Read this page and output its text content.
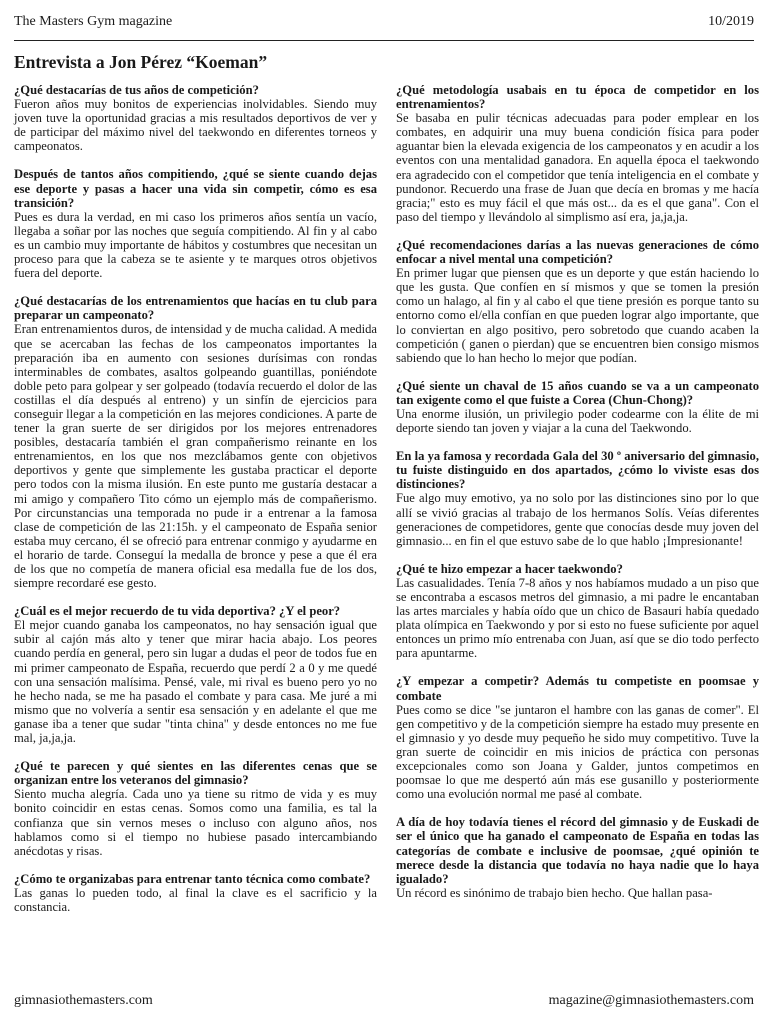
The Masters Gym magazine	10/2019
Entrevista a Jon Pérez “Koeman”

¿Qué destacarías de tus años de competición?

Fueron años muy bonitos de experiencias inolvidables. Siendo muy joven tuve la oportunidad gracias a mis resultados deportivos de ver y de participar del máximo nivel del taekwondo en diferentes torneos y campeonatos.

Después de tantos años compitiendo, ¿qué se siente cuando dejas ese deporte y pasas a hacer una vida sin competir, cómo es esa transición?

Pues es dura la verdad, en mi caso los primeros años sentía un vacío, llegaba a soñar por las noches que seguía compitiendo. Al fin y al cabo es un cambio muy importante de hábitos y costumbres que necesitan un proceso para que la cabeza se te asiente y te marques otros objetivos fuera del deporte.

¿Qué destacarías de los entrenamientos que hacías en tu club para preparar un campeonato?

Eran entrenamientos duros, de intensidad y de mucha calidad. A medida que se acercaban las fechas de los campeonatos importantes la preparación iba en aumento con sesiones durísimas con rondas interminables de combates, asaltos golpeando guantillas, poniéndote doble peto para golpear y ser golpeado (todavía recuerdo el dolor de las costillas el día después al entreno) y un sinfín de ejercicios para conseguir llegar a la competición en las mejores condiciones. A parte de tener la gran suerte de ser dirigidos por los mejores entrenadores posibles, destacaría también el gran compañerismo reinante en los entrenamientos, en los que nos mezclábamos gente con objetivos deportivos y gente que simplemente les gustaba practicar el deporte pero todos con la misma ilusión. En este punto me gustaría destacar a mi amigo y compañero Tito cómo un ejemplo más de compañerismo. Por circunstancias una temporada no pude ir a entrenar a la famosa clase de competición de las 21:15h. y el campeonato de España senior estaba muy cercano, él se ofreció para entrenar conmigo y ayudarme en el horario de tarde. Conseguí la medalla de bronce y pese a que él era de los que no competía de manera oficial esa medalla fue de los dos, siempre recordaré ese gesto.

¿Cuál es el mejor recuerdo de tu vida deportiva? ¿Y el peor?

El mejor cuando ganaba los campeonatos, no hay sensación igual que subir al cajón más alto y tener que mirar hacia abajo. Los peores cuando perdía en general, pero sin lugar a dudas el peor de todos fue en mi primer campeonato de España, recuerdo que perdí 2 a 0 y me quedé con una sensación malísima. Pensé, vale, mi rival es bueno pero yo no he hecho nada, se me ha pasado el combate y para casa. Me juré a mi mismo que no volvería a sentir esa sensación y en adelante el que me ganase iba a tener que sudar "tinta china" y desde entonces no me fue mal, ja,ja,ja.

¿Qué te parecen y qué sientes en las diferentes cenas que se organizan entre los veteranos del gimnasio?

Siento mucha alegría. Cada uno ya tiene su ritmo de vida y es muy bonito coincidir en estas cenas. Somos como una familia, es tal la confianza que sin vernos meses o incluso con alguno años, nos hablamos como si el tiempo no hubiese pasado intercambiando anécdotas y risas.

¿Cómo te organizabas para entrenar tanto técnica como combate?

Las ganas lo pueden todo, al final la clave es el sacrificio y la constancia.

¿Qué metodología usabais en tu época de competidor en los entrenamientos?

Se basaba en pulir técnicas adecuadas para poder emplear en los combates, en adquirir una muy buena condición física para poder aguantar bien la elevada exigencia de los campeonatos y en acudir a los eventos con una mentalidad ganadora. En aquella época el taekwondo era agradecido con el competidor que tenía inteligencia en el combate y pundonor. Recuerdo una frase de Juan que decía en bromas y me hacía gracia;" esto es muy fácil el que más ost... da es el que gana". Con el paso del tiempo y llevándolo al simplismo así era, ja,ja,ja.

¿Qué recomendaciones darías a las nuevas generaciones de cómo enfocar a nivel mental una competición?

En primer lugar que piensen que es un deporte y que están haciendo lo que les gusta. Que confíen en sí mismos y que se tomen la presión como un halago, al fin y al cabo el que tiene presión es porque tanto su entorno como el/ella confían en que pueden lograr algo importante, que lo conviertan en algo positivo, pero sobretodo que cuando acaben la competición ( ganen o pierdan) que se encuentren bien consigo mismos sabiendo que lo han hecho lo mejor que podían.

¿Qué siente un chaval de 15 años cuando se va a un campeonato tan exigente como el que fuiste a Corea (Chun-Chong)?

Una enorme ilusión, un privilegio poder codearme con la élite de mi deporte siendo tan joven y viajar a la cuna del Taekwondo.

En la ya famosa y recordada Gala del 30 º aniversario del gimnasio, tu fuiste distinguido en dos apartados, ¿cómo lo viviste esas dos distinciones?

Fue algo muy emotivo, ya no solo por las distinciones sino por lo que allí se vivió gracias al trabajo de los hermanos Solís. Veías diferentes generaciones de competidores, gente que conocías desde muy joven del gimnasio... en fin el que estuvo sabe de lo que hablo ¡Impresionante!

¿Qué te hizo empezar a hacer taekwondo?

Las casualidades. Tenía 7-8 años y nos habíamos mudado a un piso que se encontraba a escasos metros del gimnasio, a mi padre le encantaban las artes marciales y había oído que un chico de Basauri había quedado plata olímpica en Taekwondo y por si esto no fuese suficiente por aquel entonces un primo mío entrenaba con Juan, así que se dio todo perfecto para apuntarme.

¿Y empezar a competir? Además tu competiste en poomsae y combate

Pues como se dice "se juntaron el hambre con las ganas de comer". El gen competitivo y de la competición siempre ha estado muy presente en el gimnasio y yo desde muy pequeño he sido muy competitivo. Tuve la gran suerte de coincidir en mis inicios de práctica con personas excepcionales como son Joana y Galder, juntos competimos en poomsae lo que me despertó aún más ese gusanillo y posteriormente como una evolución normal me pasé al combate.

A día de hoy todavía tienes el récord del gimnasio y de Euskadi de ser el único que ha ganado el campeonato de España en todas las categorías de combate e inclusive de poomsae, ¿qué opinión te merece desde la distancia que todavía no haya nadie que lo haya igualado?

Un récord es sinónimo de trabajo bien hecho. Que hallan pasa-

gimnasiothemasters.com	magazine@gimnasiothemasters.com
